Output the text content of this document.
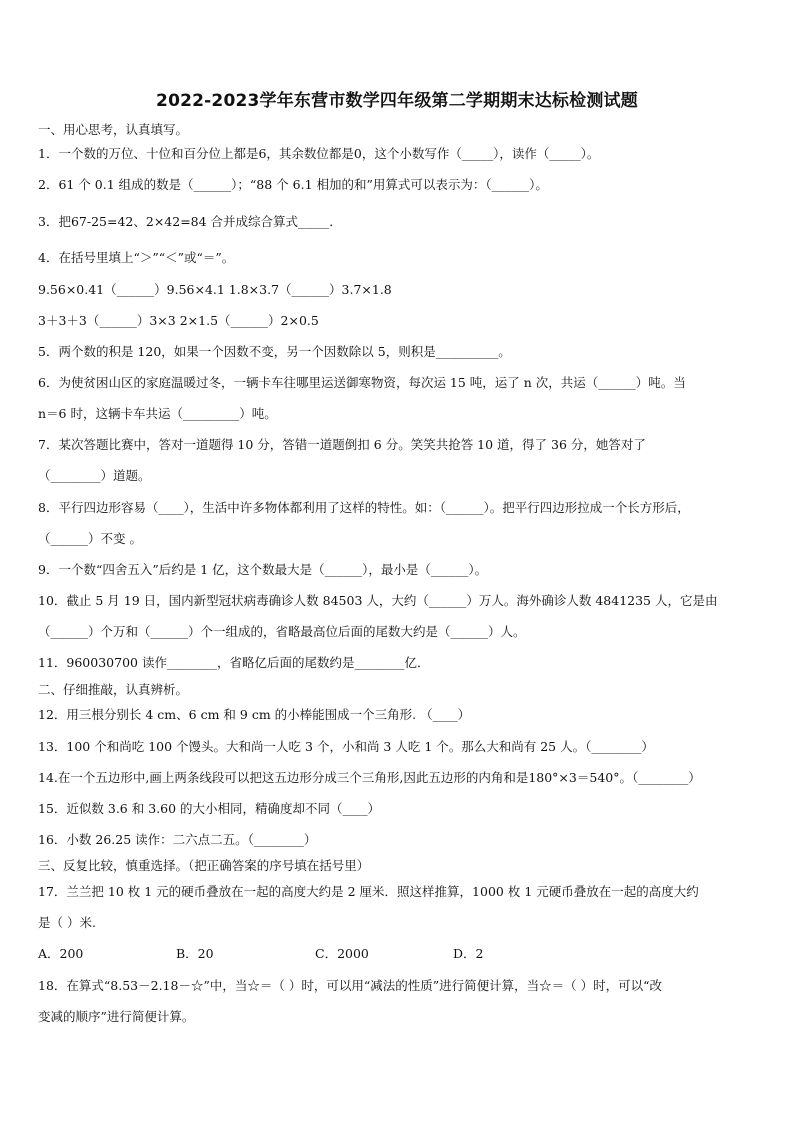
2022-2023学年东营市数学四年级第二学期期末达标检测试题
一、用心思考，认真填写。
1．一个数的万位、十位和百分位上都是6，其余数位都是0，这个小数写作（_____），读作（_____）。
2．61 个 0.1 组成的数是（______）；“88 个 6.1 相加的和”用算式可以表示为：（______）。
3．把67-25=42、2×42=84 合并成综合算式_____．
4．在括号里填上“＞”“＜”或“＝”。
9.56×0.41（______）9.56×4.1 1.8×3.7（______）3.7×1.8
3＋3＋3（______）3×3 2×1.5（______）2×0.5
5．两个数的积是 120，如果一个因数不变，另一个因数除以 5，则积是__________。
6．为使贫困山区的家庭温暖过冬，一辆卡车往哪里运送御寒物资，每次运 15 吨，运了 n 次，共运（______）吨。当
n＝6 时，这辆卡车共运（_________）吨。
7．某次答题比赛中，答对一道题得 10 分，答错一道题倒扣 6 分。笑笑共抢答 10 道，得了 36 分，她答对了
（________）道题。
8．平行四边形容易（____），生活中许多物体都利用了这样的特性。如：（______）。把平行四边形拉成一个长方形后，
（______）不变 。
9．一个数“四舍五入”后约是 1 亿，这个数最大是（______），最小是（______）。
10．截止 5 月 19 日，国内新型冠状病毒确诊人数 84503 人，大约（______）万人。海外确诊人数 4841235 人，它是由
（______）个万和（______）个一组成的，省略最高位后面的尾数大约是（______）人。
11．960030700 读作________，省略亿后面的尾数约是________亿．
二、仔细推敲，认真辨析。
12．用三根分别长 4 cm、6 cm 和 9 cm 的小棒能围成一个三角形. （____）
13．100 个和尚吃 100 个馒头。大和尚一人吃 3 个，小和尚 3 人吃 1 个。那么大和尚有 25 人。（________）
14.在一个五边形中,画上两条线段可以把这五边形分成三个三角形,因此五边形的内角和是180°×3＝540°。（________）
15．近似数 3.6 和 3.60 的大小相同，精确度却不同（____）
16．小数 26.25 读作：二六点二五。（________）
三、反复比较，慎重选择。（把正确答案的序号填在括号里）
17．兰兰把 10 枚 1 元的硬币叠放在一起的高度大约是 2 厘米．照这样推算，1000 枚 1 元硬币叠放在一起的高度大约
是（ ）米.
A．200	B．20	C．2000	D．2
18．在算式“8.53－2.18－☆”中，当☆＝（ ）时，可以用“减法的性质”进行简便计算，当☆＝（ ）时，可以“改
变减的顺序”进行简便计算。
